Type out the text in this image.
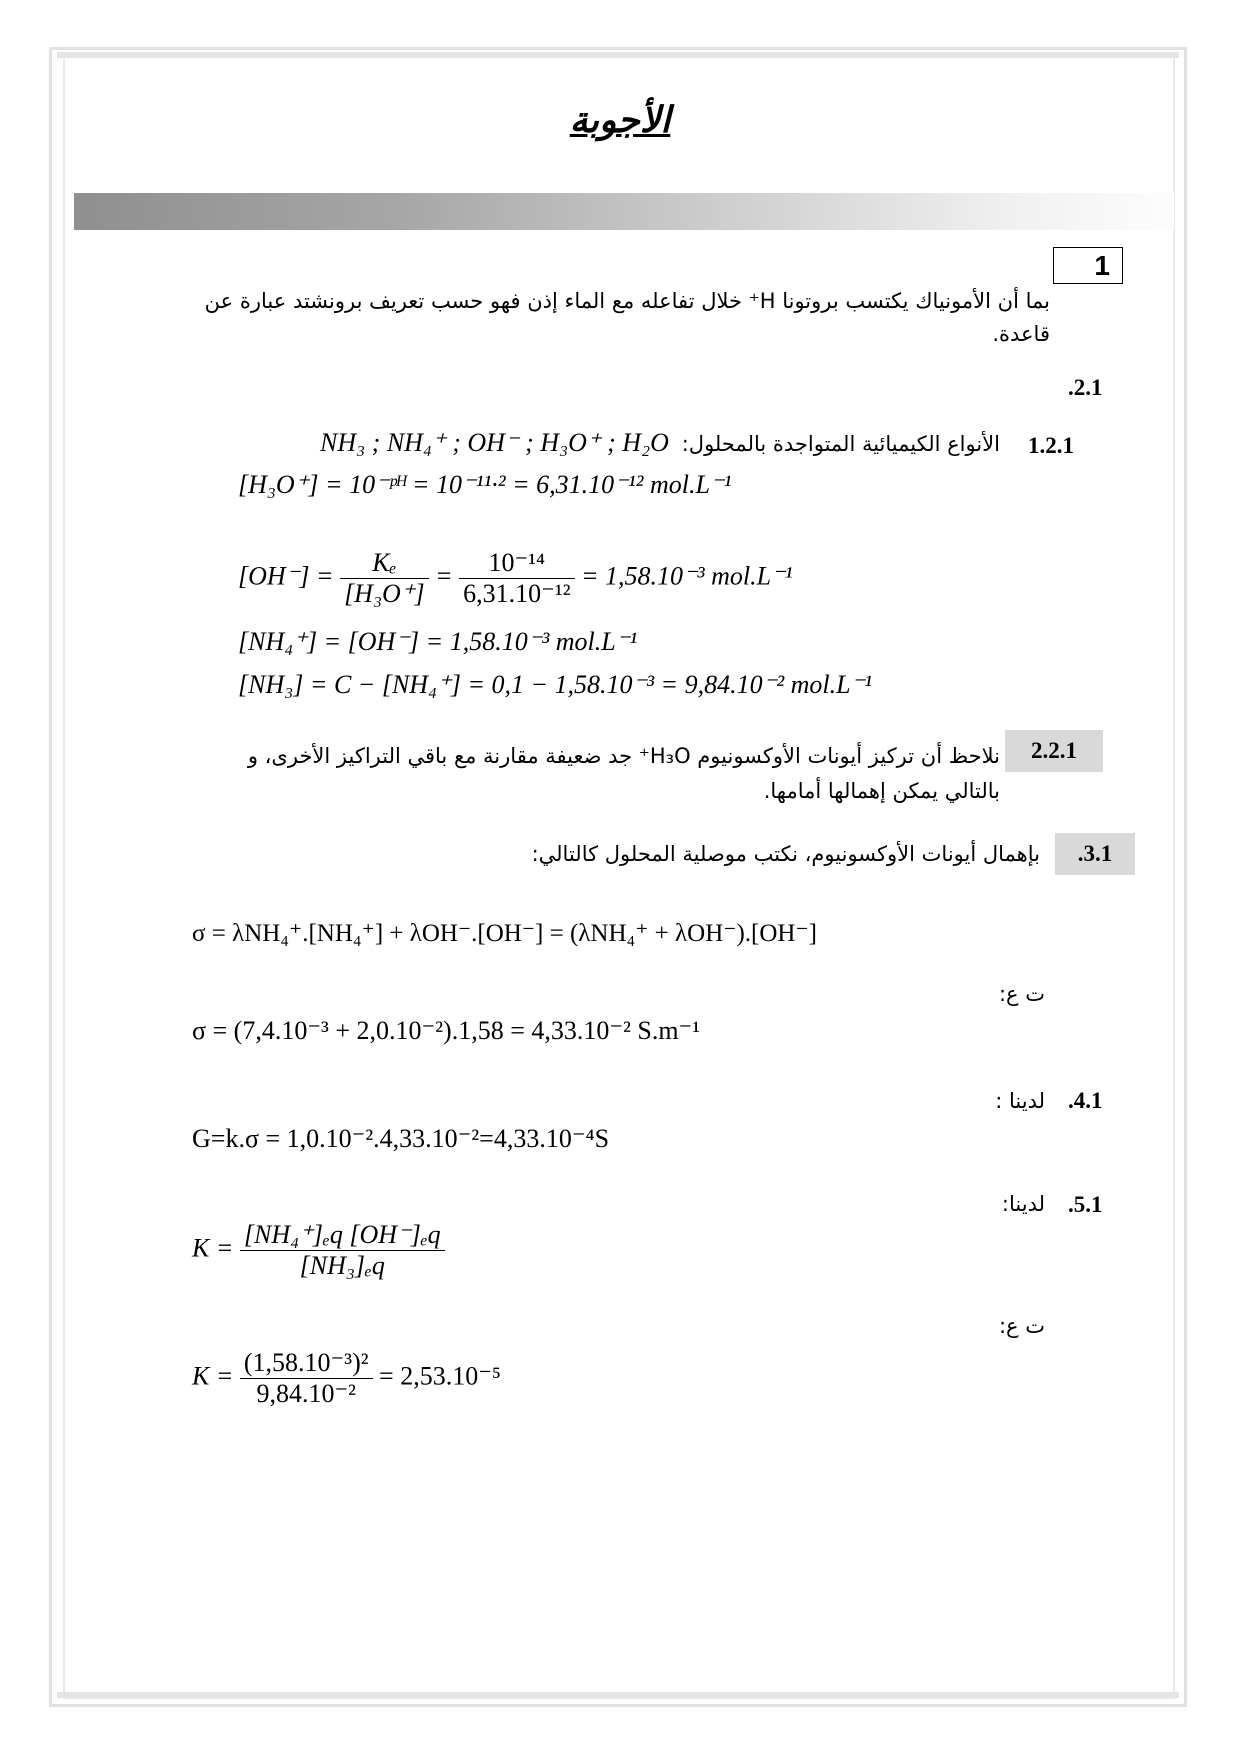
الأجوبة
1
بما أن الأمونياك يكتسب بروتونا H⁺ خلال تفاعله مع الماء إذن فهو حسب تعريف برونشتد عبارة عن
قاعدة.
.2.1
1.2.1
الأنواع الكيميائية المتواجدة بالمحلول:
NH₃ ; NH₄⁺ ; OH⁻ ; H₃O⁺ ; H₂O
[H₃O⁺] = 10⁻ᵖᴴ = 10⁻¹¹·² = 6,31.10⁻¹² mol.L⁻¹
$[OH^-] = \frac{\text{Kₑ}}{\text{[H₃O⁺]}} = \frac{\text{10⁻¹⁴}}{\text{6,31.10⁻¹²}} = 1,58.10^{-3}$ mol.L⁻¹
[NH₄⁺] = [OH⁻] = 1,58.10⁻³ mol.L⁻¹
[NH₃] = C − [NH₄⁺] = 0,1 − 1,58.10⁻³ = 9,84.10⁻² mol.L⁻¹
2.2.1
نلاحظ أن تركيز أيونات الأوكسونيوم H₃O⁺ جد ضعيفة مقارنة مع باقي التراكيز الأخرى، و
بالتالي يمكن إهمالها أمامها.
.3.1
بإهمال أيونات الأوكسونيوم، نكتب موصلية المحلول كالتالي:
σ = λNH₄⁺.[NH₄⁺] + λOH⁻.[OH⁻] = (λNH₄⁺ + λOH⁻).[OH⁻]
ت ع:
σ = (7,4.10⁻³ + 2,0.10⁻²).1,58 = 4,33.10⁻² S.m⁻¹
.4.1
لدينا :
G=k.σ = 1,0.10⁻².4,33.10⁻²=4,33.10⁻⁴S
.5.1
لدينا:
$K = \frac{\text{[NH₄⁺]ₑq [OH⁻]ₑq}}{\text{[NH₃]ₑq}}$
ت ع:
$K = \frac{\text{(1,58.10⁻³)²}}{\text{9,84.10⁻²}} = 2,53.10^{-5}$
